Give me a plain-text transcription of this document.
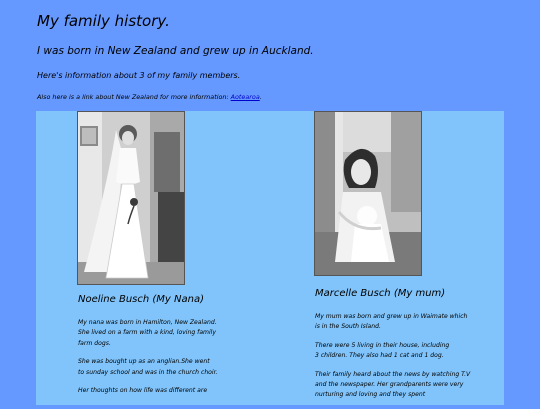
My family history.
I was born in New Zealand and grew up in Auckland.
Here's information about 3 of my family members.
Also here is a link about New Zealand for more information: Aotearoa.
Noeline Busch (My Nana)

My nana was born in Hamilton, New Zealand.
She lived on a farm with a kind, loving family
farm dogs.

She was bought up as an anglian.She went
to sunday school and was in the church choir.

Her thoughts on how life was different are

Marcelle Busch (My mum)

My mum was born and grew up in Waimate which
is in the South Island.

There were 5 living in their house, including
3 children. They also had 1 cat and 1 dog.

Their family heard about the news by watching T.V
and the newspaper. Her grandparents were very
nurturing and loving and they spent
